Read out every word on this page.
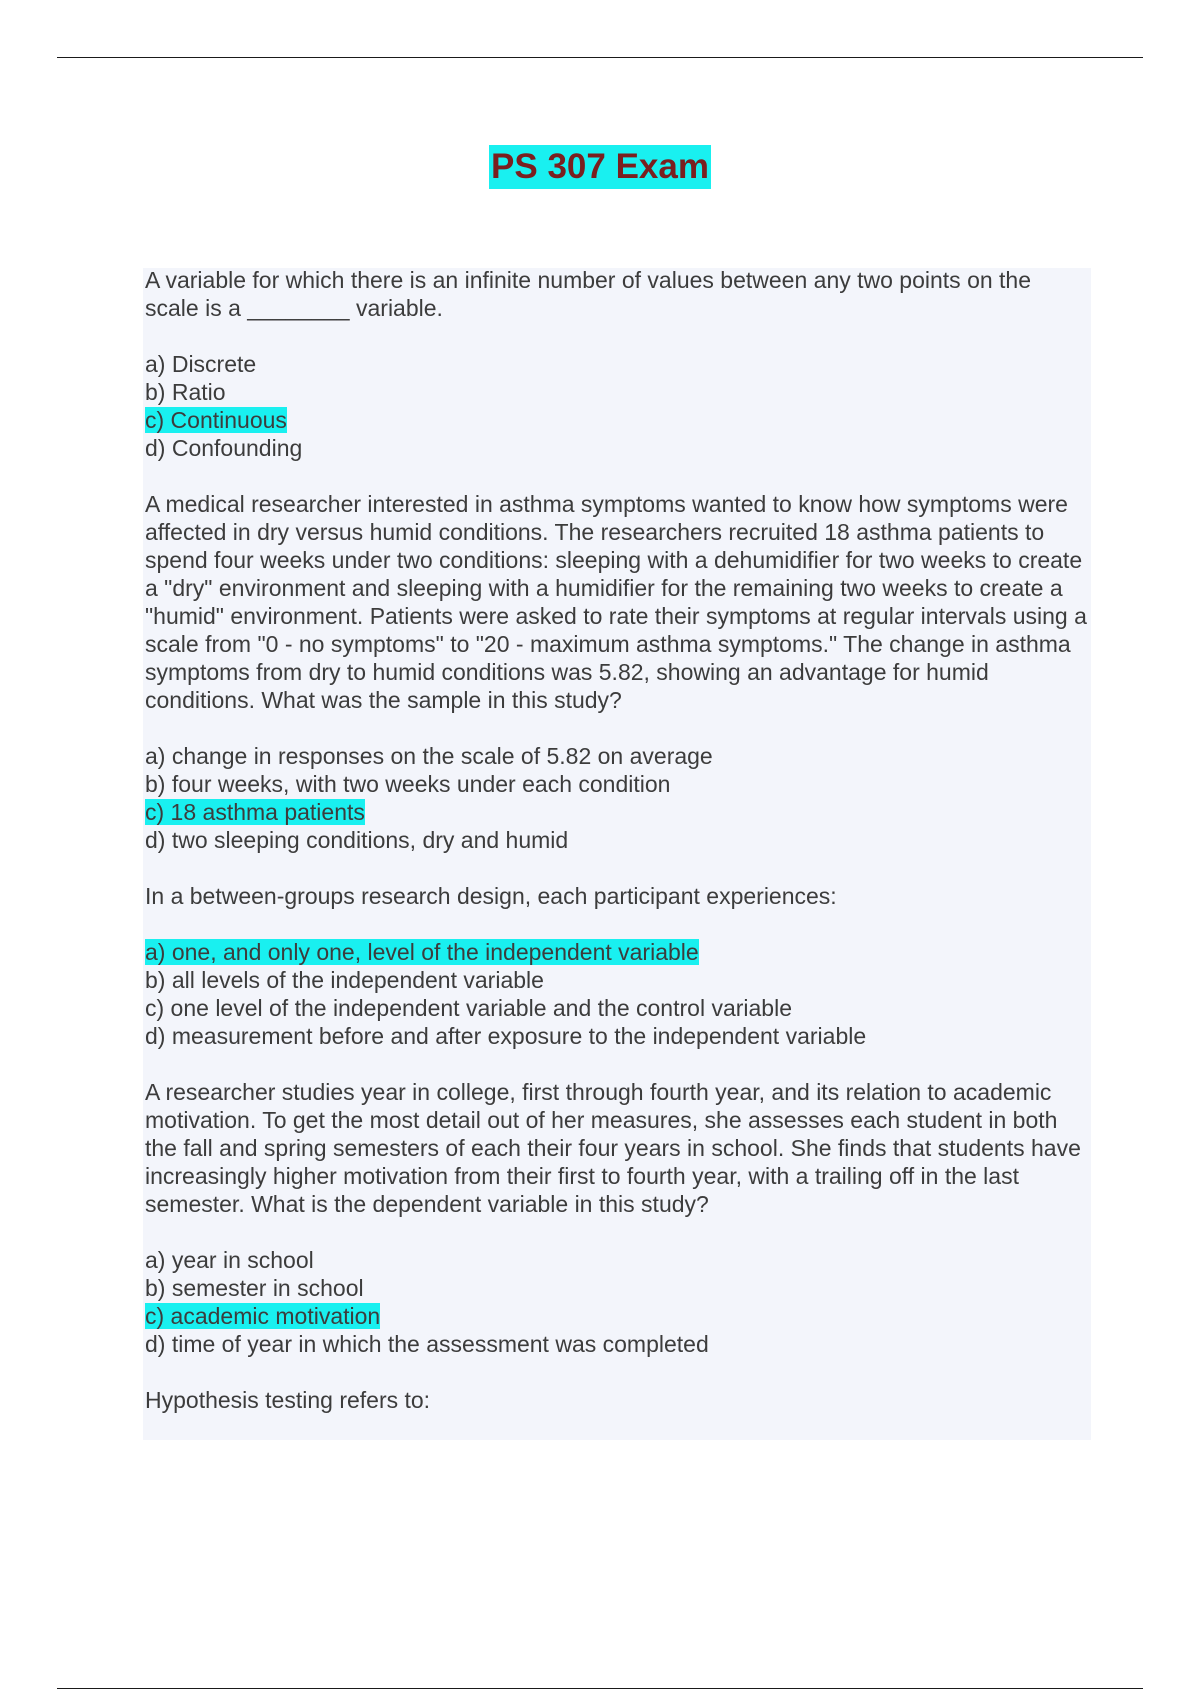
PS 307 Exam

A variable for which there is an infinite number of values between any two points on the scale is a ________ variable.

a) Discrete
b) Ratio
c) Continuous
d) Confounding

A medical researcher interested in asthma symptoms wanted to know how symptoms were affected in dry versus humid conditions. The researchers recruited 18 asthma patients to spend four weeks under two conditions: sleeping with a dehumidifier for two weeks to create a "dry" environment and sleeping with a humidifier for the remaining two weeks to create a "humid" environment. Patients were asked to rate their symptoms at regular intervals using a scale from "0 - no symptoms" to "20 - maximum asthma symptoms." The change in asthma symptoms from dry to humid conditions was 5.82, showing an advantage for humid conditions. What was the sample in this study?

a) change in responses on the scale of 5.82 on average
b) four weeks, with two weeks under each condition
c) 18 asthma patients
d) two sleeping conditions, dry and humid

In a between-groups research design, each participant experiences:

a) one, and only one, level of the independent variable
b) all levels of the independent variable
c) one level of the independent variable and the control variable
d) measurement before and after exposure to the independent variable

A researcher studies year in college, first through fourth year, and its relation to academic motivation. To get the most detail out of her measures, she assesses each student in both the fall and spring semesters of each their four years in school. She finds that students have increasingly higher motivation from their first to fourth year, with a trailing off in the last semester. What is the dependent variable in this study?

a) year in school
b) semester in school
c) academic motivation
d) time of year in which the assessment was completed

Hypothesis testing refers to:
